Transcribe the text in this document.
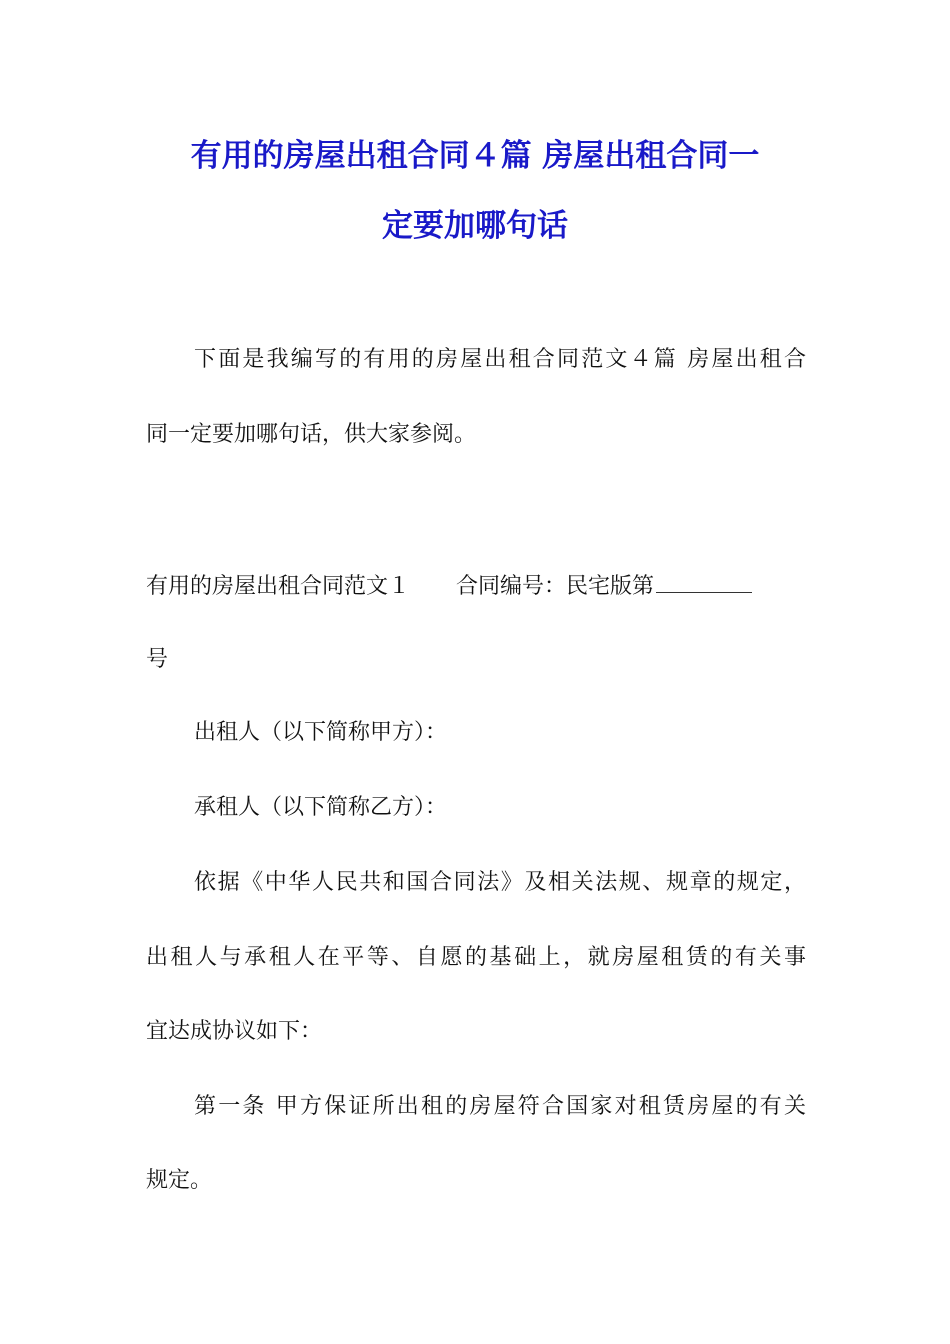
有用的房屋出租合同４篇 房屋出租合同一
定要加哪句话
下面是我编写的有用的房屋出租合同范文４篇 房屋出租合
同一定要加哪句话，供大家参阅。
有用的房屋出租合同范文１ 合同编号：民宅版第
号
出租人（以下简称甲方）：
承租人（以下简称乙方）：
依据《中华人民共和国合同法》及相关法规、规章的规定，
出租人与承租人在平等、自愿的基础上，就房屋租赁的有关事
宜达成协议如下：
第一条 甲方保证所出租的房屋符合国家对租赁房屋的有关
规定。
